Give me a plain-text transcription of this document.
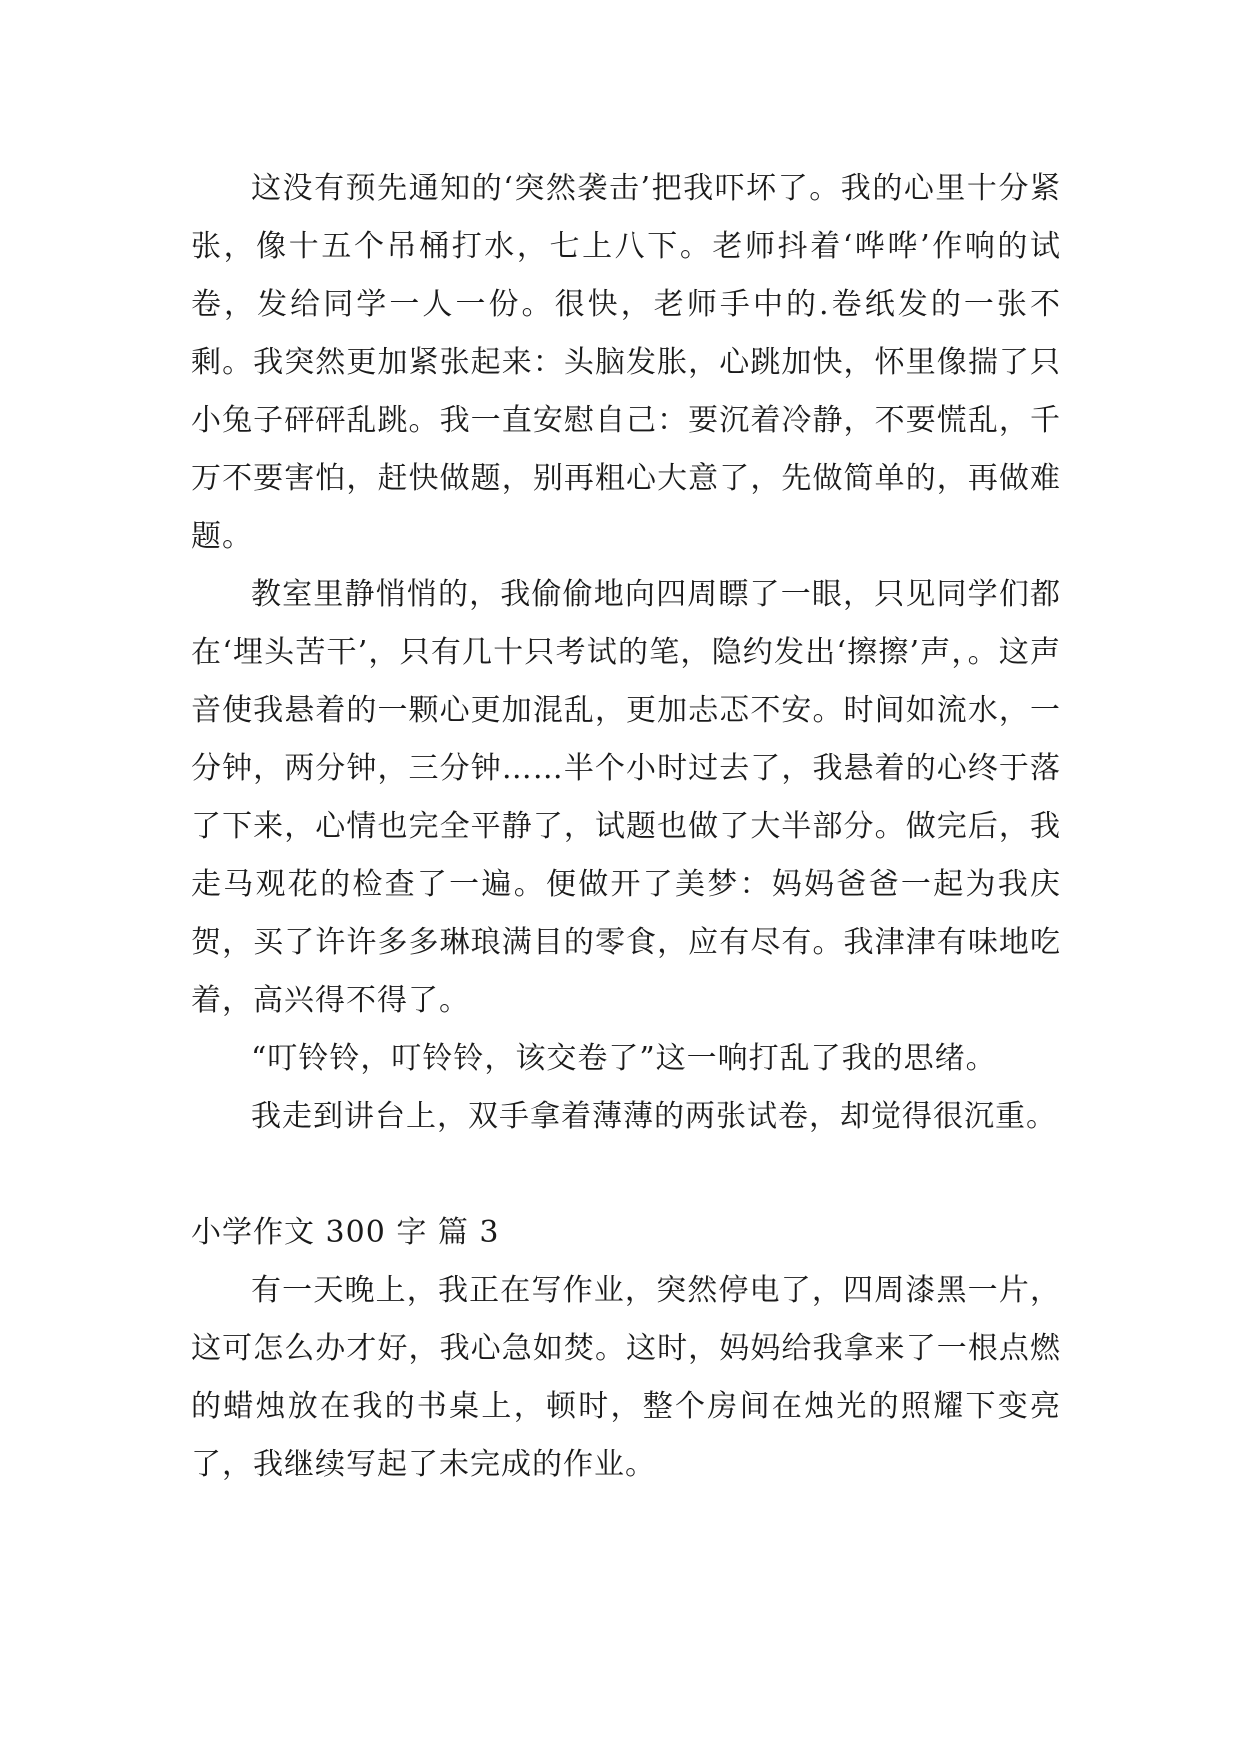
这没有预先通知的‘突然袭击’把我吓坏了。我的心里十分紧张，像十五个吊桶打水，七上八下。老师抖着‘哗哗’作响的试卷，发给同学一人一份。很快，老师手中的.卷纸发的一张不剩。我突然更加紧张起来：头脑发胀，心跳加快，怀里像揣了只小兔子砰砰乱跳。我一直安慰自己：要沉着冷静，不要慌乱，千万不要害怕，赶快做题，别再粗心大意了，先做简单的，再做难题。

教室里静悄悄的，我偷偷地向四周瞟了一眼，只见同学们都在‘埋头苦干’，只有几十只考试的笔，隐约发出‘擦擦’声，。这声音使我悬着的一颗心更加混乱，更加忐忑不安。时间如流水，一分钟，两分钟，三分钟……半个小时过去了，我悬着的心终于落了下来，心情也完全平静了，试题也做了大半部分。做完后，我走马观花的检查了一遍。便做开了美梦：妈妈爸爸一起为我庆贺，买了许许多多琳琅满目的零食，应有尽有。我津津有味地吃着，高兴得不得了。

“叮铃铃，叮铃铃，该交卷了”这一响打乱了我的思绪。

我走到讲台上，双手拿着薄薄的两张试卷，却觉得很沉重。

小学作文 300 字 篇 3

有一天晚上，我正在写作业，突然停电了，四周漆黑一片，这可怎么办才好，我心急如焚。这时，妈妈给我拿来了一根点燃的蜡烛放在我的书桌上，顿时，整个房间在烛光的照耀下变亮了，我继续写起了未完成的作业。
